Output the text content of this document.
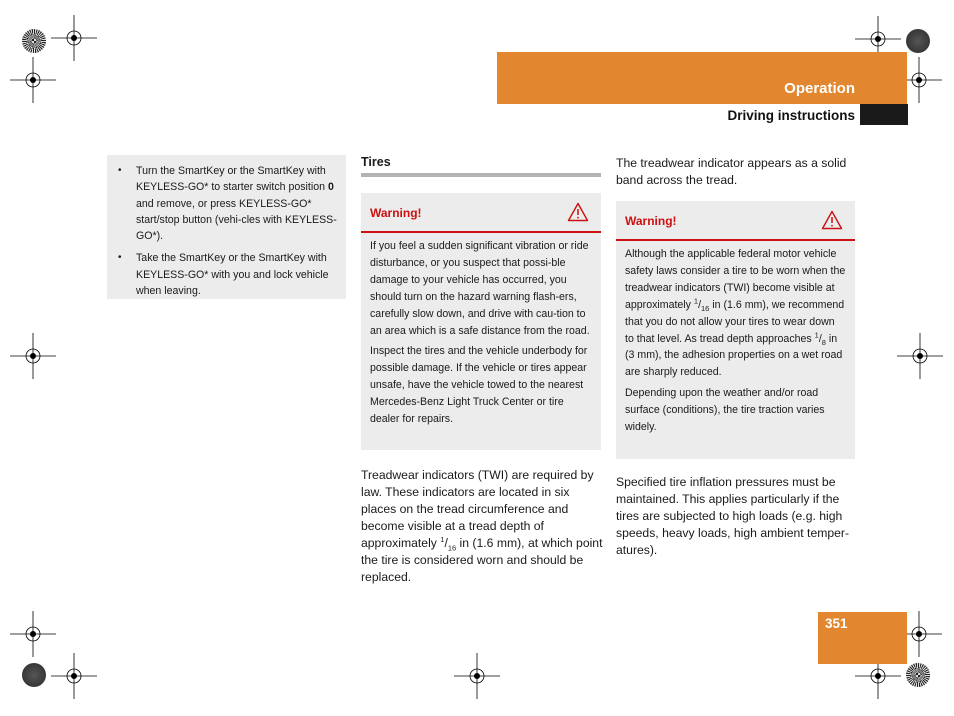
Operation
Driving instructions
• Turn the SmartKey or the SmartKey with KEYLESS-GO* to starter switch position 0 and remove, or press KEYLESS-GO* start/stop button (vehi-cles with KEYLESS-GO*).
• Take the SmartKey or the SmartKey with KEYLESS-GO* with you and lock vehicle when leaving.
Tires
Warning!

If you feel a sudden significant vibration or ride disturbance, or you suspect that possi-ble damage to your vehicle has occurred, you should turn on the hazard warning flash-ers, carefully slow down, and drive with cau-tion to an area which is a safe distance from the road.

Inspect the tires and the vehicle underbody for possible damage. If the vehicle or tires appear unsafe, have the vehicle towed to the nearest Mercedes-Benz Light Truck Center or tire dealer for repairs.

Treadwear indicators (TWI) are required by law. These indicators are located in six places on the tread circumference and become visible at a tread depth of approximately $^1/_{16}$ in (1.6 mm), at which point the tire is considered worn and should be replaced.
The treadwear indicator appears as a solid band across the tread.
Warning!

Although the applicable federal motor vehicle safety laws consider a tire to be worn when the treadwear indicators (TWI) become visible at approximately $^1/_{16}$ in (1.6 mm), we recommend that you do not allow your tires to wear down to that level. As tread depth approaches $^1/_8$ in (3 mm), the adhesion properties on a wet road are sharply reduced.

Depending upon the weather and/or road surface (conditions), the tire traction varies widely.

Specified tire inflation pressures must be maintained. This applies particularly if the tires are subjected to high loads (e.g. high speeds, heavy loads, high ambient temper-atures).
351
